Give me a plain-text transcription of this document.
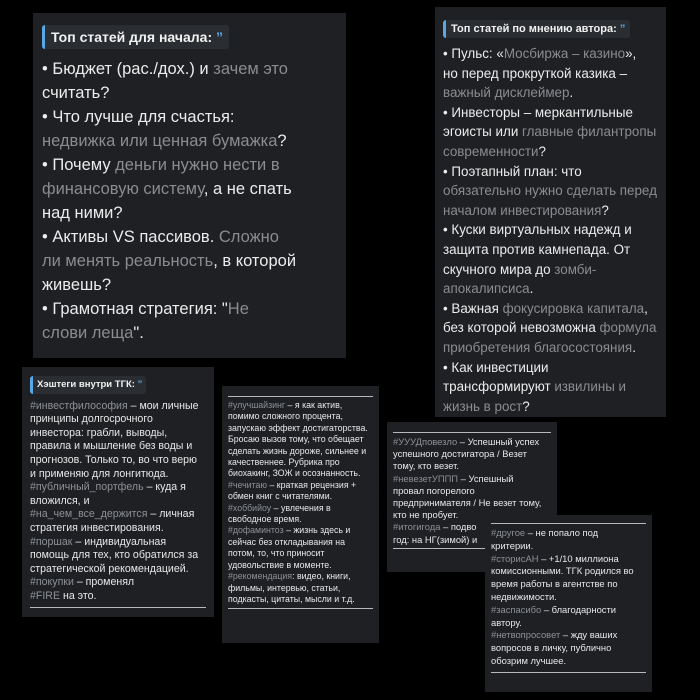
Топ статей для начала: ”
• Бюджет (рас./дох.) и зачем это
считать?
• Что лучше для счастья:
недвижка или ценная бумажка?
• Почему деньги нужно нести в
финансовую систему, а не спать
над ними?
• Активы VS пассивов. Сложно
ли менять реальность, в которой
живешь?
• Грамотная стратегия: "Не
слови леща".
Топ статей по мнению автора: ”
• Пульс: «Мосбиржа – казино»,
но перед прокруткой казика –
важный дисклеймер.
• Инвесторы – меркантильные
эгоисты или главные филантропы
современности?
• Поэтапный план: что
обязательно нужно сделать перед
началом инвестирования?
• Куски виртуальных надежд и
защита против камнепада. От
скучного мира до зомби-
апокалипсиса.
• Важная фокусировка капитала,
без которой невозможна формула
приобретения благосостояния.
• Как инвестиции
трансформируют извилины и
жизнь в рост?
Хэштеги внутри ТГК: ”
#инвестфилософия – мои личные
принципы долгосрочного
инвестора: грабли, выводы,
правила и мышление без воды и
прогнозов. Только то, во что верю
и применяю для лонгитюда.
#публичный_портфель – куда я
вложился, и
#на_чем_все_держится – личная
стратегия инвестирования.
#поршак – индивидуальная
помощь для тех, кто обратился за
стратегической рекомендацией.
#покупки – променял
#FIRE на это.
#улучшайзинг – я как актив,
помимо сложного процента,
запускаю эффект достигаторства.
Бросаю вызов тому, что обещает
сделать жизнь дороже, сильнее и
качественнее. Рубрика про
биохакинг, ЗОЖ и осознанность.
#чечитаю – краткая рецензия +
обмен книг с читателями.
#хоббийоу – увлечения в
свободное время.
#дофаминтоз – жизнь здесь и
сейчас без откладывания на
потом, то, что приносит
удовольствие в моменте.
#рекомендация: видео, книги,
фильмы, интервью, статьи,
подкасты, цитаты, мысли и т.д.
#УУУДповезло – Успешный успех
успешного достигатора / Везет
тому, кто везет.
#невезетУППП – Успешный
провал погорелого
предпринимателя / Не везет тому,
кто не пробует.
#итогигода – подво
год: на НГ(зимой) и
#другое – не попало под
критерии.
#сторисАН – +1/10 миллиона
комиссионными. ТГК родился во
время работы в агентстве по
недвижимости.
#заспасибо – благодарности
автору.
#нетвопросовет – жду ваших
вопросов в личку, публично
обозрим лучшее.
